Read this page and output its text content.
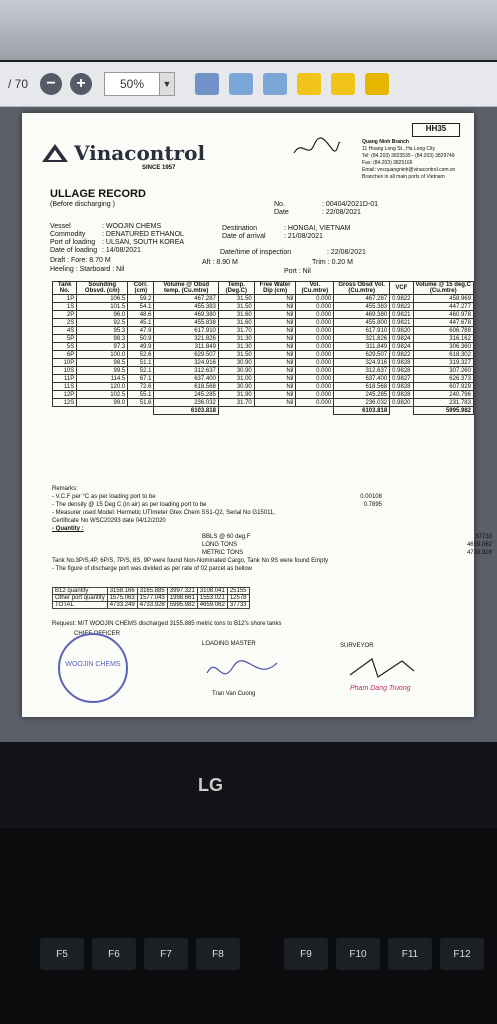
/ 70 − +	50%	▼
HH35
Vinacontrol
SINCE 1957
Quang Ninh Branch
11 Hoang Long St., Ha Long City
Tel: (84.203) 3823535 - (84.203) 3829749
Fax: (84.203) 3825166
Email: vncquangninh@vinacontrol.com.vn
Branches in all main ports of Vietnam
ULLAGE RECORD
(Before discharging )	No.	: 00404/2021D-01
Date	: 22/08/2021
Vessel	: WOOJIN CHEMS
Commodity : DENATURED ETHANOL
Port of loading : ULSAN, SOUTH KOREA
Date of loading : 14/08/2021
Destination	: HONGAI, VIETNAM
Date of arrival	: 21/08/2021
Date/time of inspection	: 22/08/2021
Draft : Fore: 8.70 M	Aft : 8.90 M	Trim : 0.20 M
Heeling : Starboard : Nil	Port : Nil
Tank No.	Sounding Obsvd. (cm)	Corr. (cm)	Volume @ Obsd temp. (Cu.mtre)	Temp. (Deg.C)	Free Water Dip (cm)	Vol. (Cu.mtre)	Gross Obsd Vol. (Cu.mtre)	VCF	Volume @ 15 deg.C (Cu.mtre)
1P	106.5	59.2	467.287	31.50	Nil	0.000	467.287	0.9822	458.969
1S	101.5	54.1	455.383	31.50	Nil	0.000	455.383	0.9822	447.277
2P	96.0	48.6	469.380	31.60	Nil	0.000	469.380	0.9821	460.978
2S	92.5	45.1	455.838	31.60	Nil	0.000	455.800	0.9821	447.678
4S	95.3	47.9	617.910	31.70	Nil	0.000	617.910	0.9820	606.788
5P	98.3	50.9	321.826	31.30	Nil	0.000	321.826	0.9824	316.162
5S	97.3	49.9	311.849	31.30	Nil	0.000	311.849	0.9824	306.360
6P	100.0	52.6	629.507	31.50	Nil	0.000	629.507	0.9822	618.302
10P	98.5	51.1	324.916	30.90	Nil	0.000	324.916	0.9828	319.327
10S	99.5	52.1	312.637	30.90	Nil	0.000	312.637	0.9828	307.260
11P	114.5	67.1	637.400	31.00	Nil	0.000	637.400	0.9827	626.373
11S	120.0	72.6	618.568	30.90	Nil	0.000	618.568	0.9828	607.929
12P	102.5	55.1	245.285	31.90	Nil	0.000	245.285	0.9828	240.796
12S	99.0	51.6	236.032	31.70	Nil	0.000	236.032	0.9820	231.783
			6103.818				6103.818		5995.982
Remarks:
- V.C.F per °C as per loading port to be	0.00108
- The density @ 15 Deg C (in air) as per loading port to be	0.7895
- Measurer used Model: Hermetic UTImeter Gtex Chem SS1-Q2, Serial No G15011,
Certificate No WSC20293 date 04/12/2020
- Quantity :
BBLS @ 60 deg.F	37733
LONG TONS	4659.062
METRIC TONS	4733.928
Tank No.3P/S,4P, 6P/S, 7P/S, 8S, 9P were found Non-Nominated Cargo, Tank No 9S were found Empty
- The figure of discharge port was divided as per rate of 02 parcel as bellow
B12 quantity	3158.166	3165.885	3997.321	3108.041	25155
Other port quantity	1575.063	1577.043	1998.661	1553.021	12578
TOTAL	4733.249	4733.928	5995.982	4659.062	37733
Request: M/T WOOJIN CHEMS discharged 3155.885 metric tons to B12's shore tanks
CHIEF OFFICER
LOADING MASTER	SURVEYOR
WOOJIN CHEMS
Tran Van Cuong
Pham Dang Truong
LG
F5	F6	F7	F8	F9	F10	F11	F12
